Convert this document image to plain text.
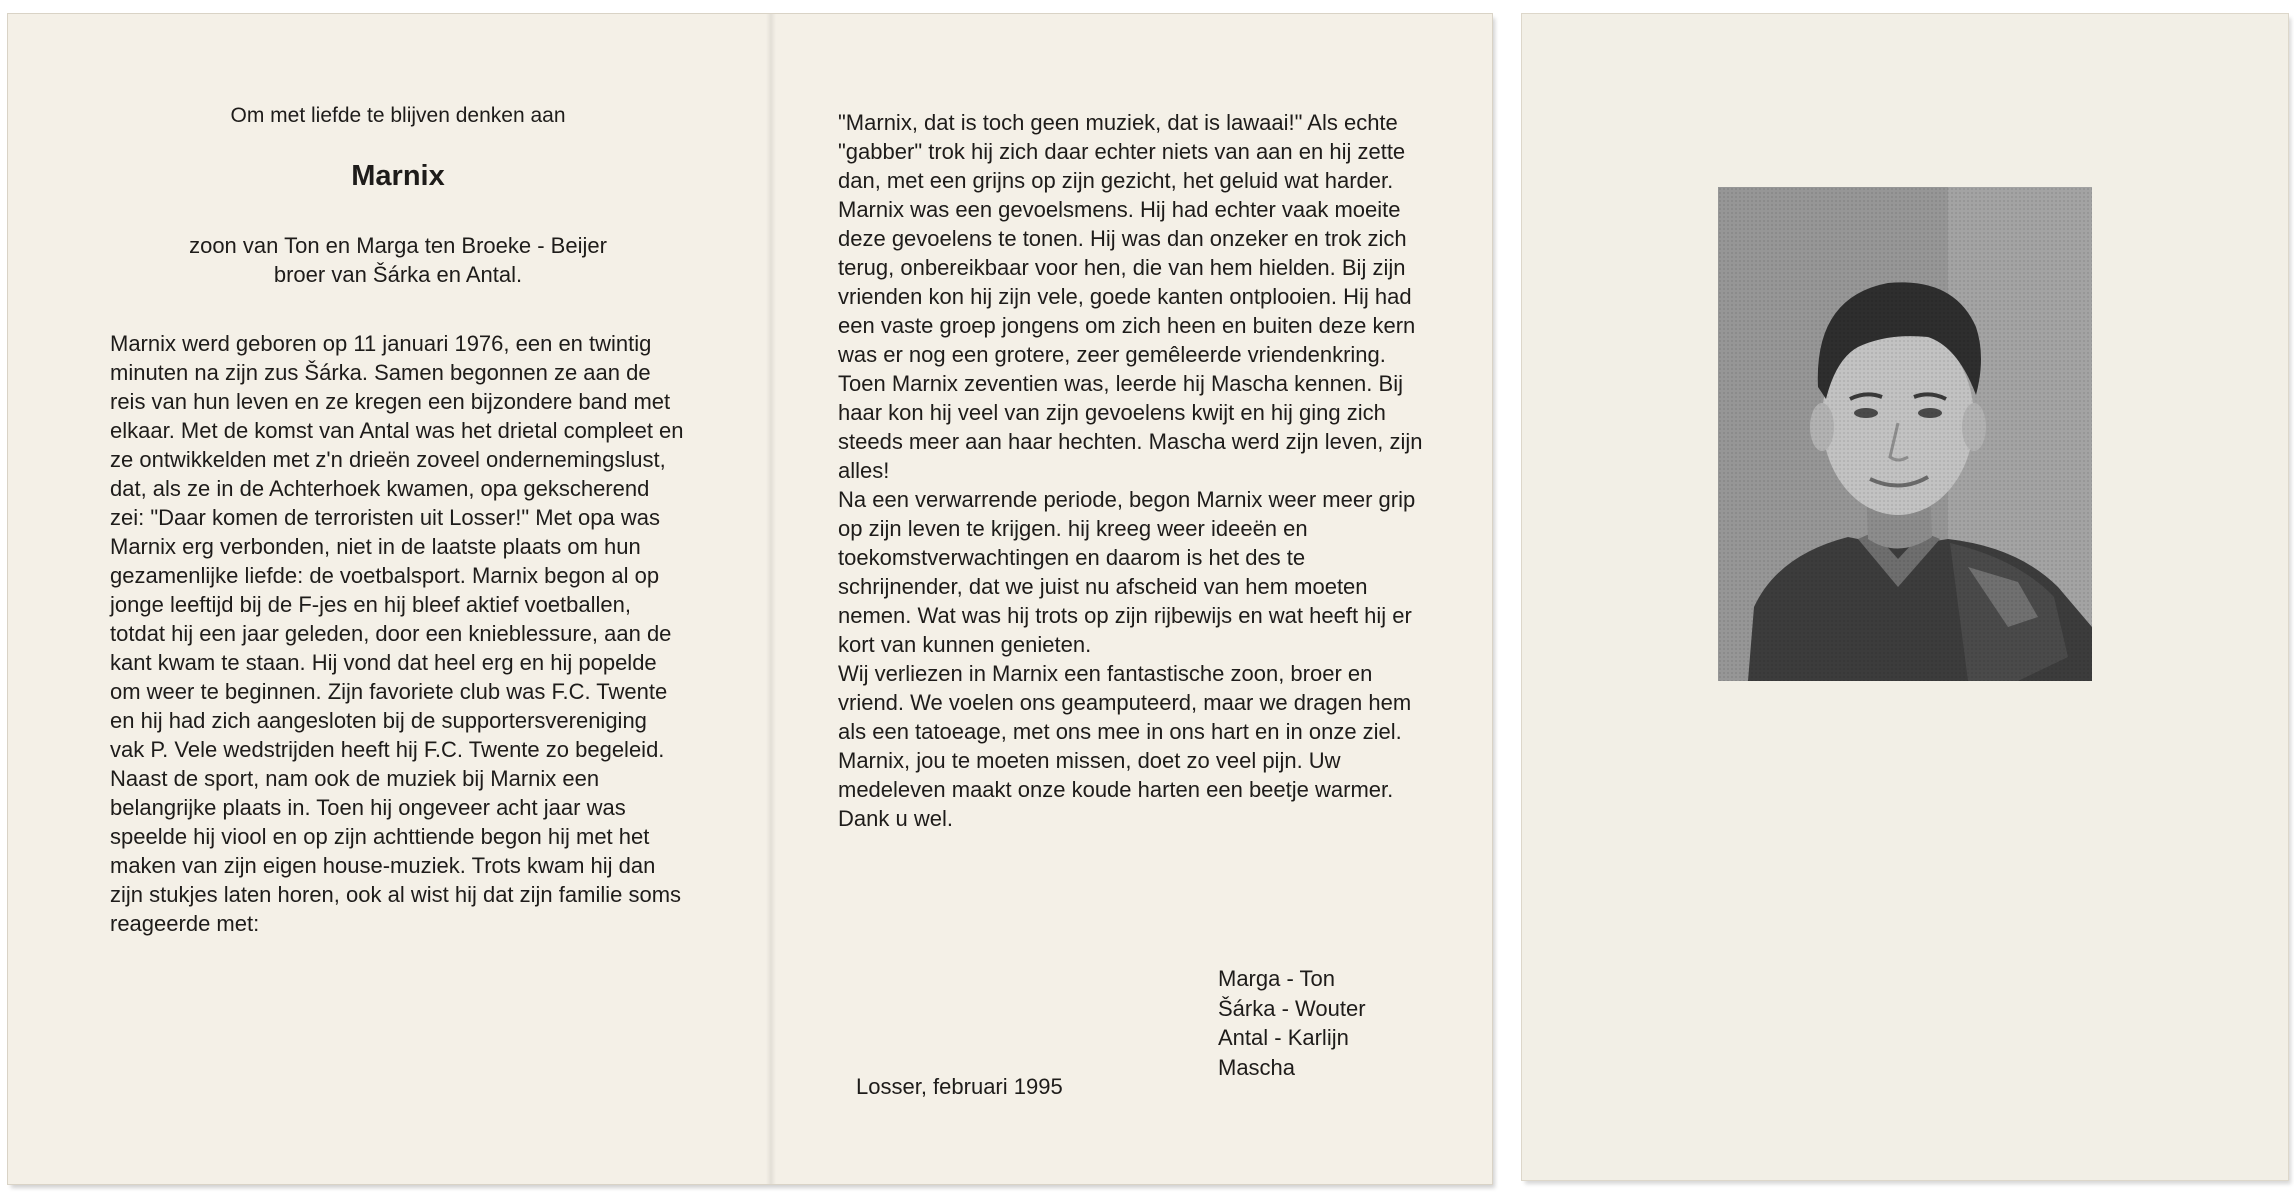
Om met liefde te blijven denken aan

Marnix

zoon van Ton en Marga ten Broeke - Beijer
broer van Šárka en Antal.

Marnix werd geboren op 11 januari 1976, een en twintig minuten na zijn zus Šárka. Samen begonnen ze aan de reis van hun leven en ze kregen een bijzondere band met elkaar. Met de komst van Antal was het drietal compleet en ze ontwikkelden met z'n drieën zoveel ondernemingslust, dat, als ze in de Achterhoek kwamen, opa gekscherend zei: "Daar komen de terroristen uit Losser!" Met opa was Marnix erg verbonden, niet in de laatste plaats om hun gezamenlijke liefde: de voetbalsport. Marnix begon al op jonge leeftijd bij de F-jes en hij bleef aktief voetballen, totdat hij een jaar geleden, door een knieblessure, aan de kant kwam te staan. Hij vond dat heel erg en hij popelde om weer te beginnen. Zijn favoriete club was F.C. Twente en hij had zich aangesloten bij de supportersvereniging vak P. Vele wedstrijden heeft hij F.C. Twente zo begeleid. Naast de sport, nam ook de muziek bij Marnix een belangrijke plaats in. Toen hij ongeveer acht jaar was speelde hij viool en op zijn achttiende begon hij met het maken van zijn eigen house-muziek. Trots kwam hij dan zijn stukjes laten horen, ook al wist hij dat zijn familie soms reageerde met:

"Marnix, dat is toch geen muziek, dat is lawaai!" Als echte "gabber" trok hij zich daar echter niets van aan en hij zette dan, met een grijns op zijn gezicht, het geluid wat harder. Marnix was een gevoelsmens. Hij had echter vaak moeite deze gevoelens te tonen. Hij was dan onzeker en trok zich terug, onbereikbaar voor hen, die van hem hielden. Bij zijn vrienden kon hij zijn vele, goede kanten ontplooien. Hij had een vaste groep jongens om zich heen en buiten deze kern was er nog een grotere, zeer gemêleerde vriendenkring. Toen Marnix zeventien was, leerde hij Mascha kennen. Bij haar kon hij veel van zijn gevoelens kwijt en hij ging zich steeds meer aan haar hechten. Mascha werd zijn leven, zijn alles!

Na een verwarrende periode, begon Marnix weer meer grip op zijn leven te krijgen. hij kreeg weer ideeën en toekomstverwachtingen en daarom is het des te schrijnender, dat we juist nu afscheid van hem moeten nemen. Wat was hij trots op zijn rijbewijs en wat heeft hij er kort van kunnen genieten.

Wij verliezen in Marnix een fantastische zoon, broer en vriend. We voelen ons geamputeerd, maar we dragen hem als een tatoeage, met ons mee in ons hart en in onze ziel.

Marnix, jou te moeten missen, doet zo veel pijn. Uw medeleven maakt onze koude harten een beetje warmer. Dank u wel.

Marga - Ton
Šárka - Wouter
Antal - Karlijn
Mascha
Losser, februari 1995
